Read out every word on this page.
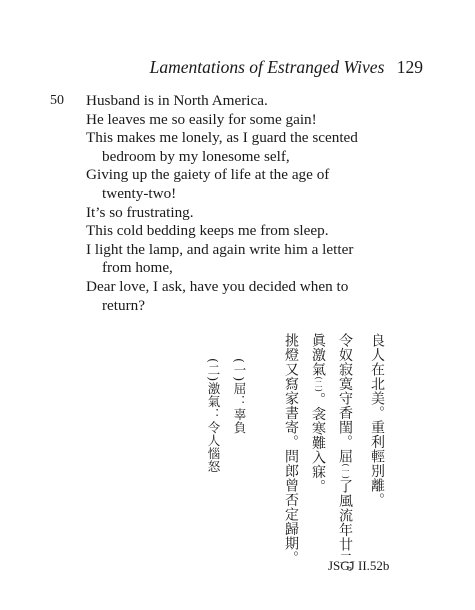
Lamentations of Estranged Wives 129
50 Husband is in North America.
He leaves me so easily for some gain!
This makes me lonely, as I guard the scented
bedroom by my lonesome self,
Giving up the gaiety of life at the age of
twenty-two!
It’s so frustrating.
This cold bedding keeps me from sleep.
I light the lamp, and again write him a letter
from home,
Dear love, I ask, have you decided when to
return?
良人在北美。重利輕別離。
令奴寂寞守香閨。屈(一)了風流年廿二。
眞激氣(二)。衾寒難入寐。
挑燈又寫家書寄。問郎曾否定歸期。
(一)屈：辜負
(二)激氣：令人惱怒
JSGJ II.52b
